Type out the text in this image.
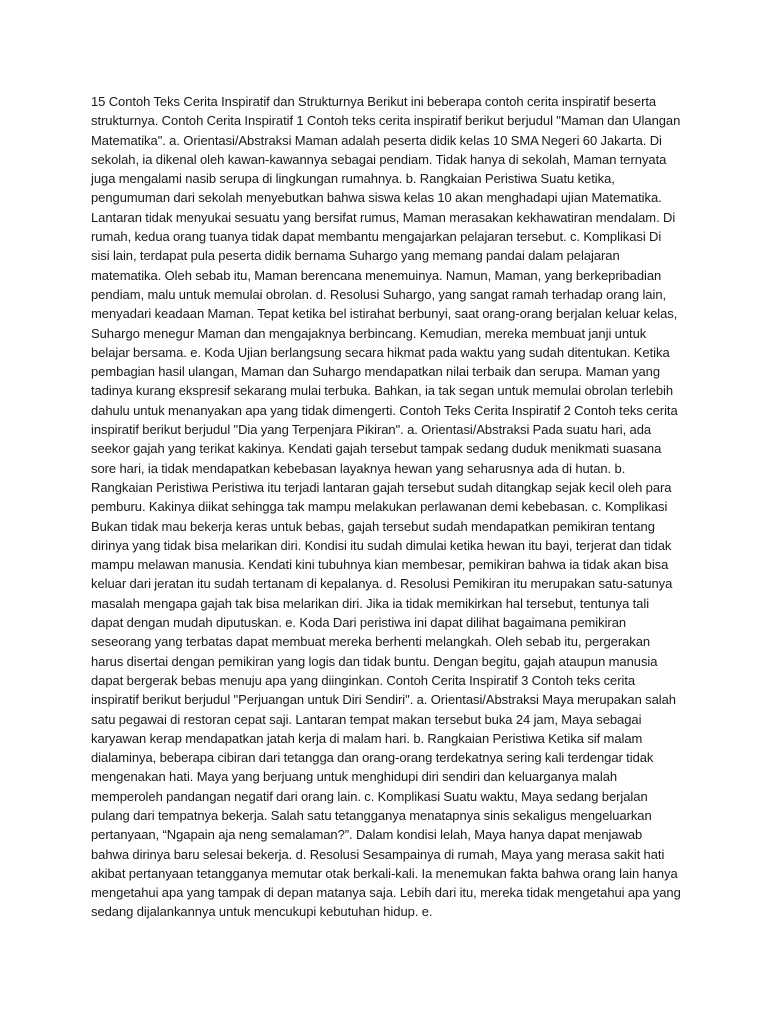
15 Contoh Teks Cerita Inspiratif dan Strukturnya Berikut ini beberapa contoh cerita inspiratif beserta strukturnya. Contoh Cerita Inspiratif 1 Contoh teks cerita inspiratif berikut berjudul "Maman dan Ulangan Matematika". a. Orientasi/Abstraksi Maman adalah peserta didik kelas 10 SMA Negeri 60 Jakarta. Di sekolah, ia dikenal oleh kawan-kawannya sebagai pendiam. Tidak hanya di sekolah, Maman ternyata juga mengalami nasib serupa di lingkungan rumahnya. b. Rangkaian Peristiwa Suatu ketika, pengumuman dari sekolah menyebutkan bahwa siswa kelas 10 akan menghadapi ujian Matematika. Lantaran tidak menyukai sesuatu yang bersifat rumus, Maman merasakan kekhawatiran mendalam. Di rumah, kedua orang tuanya tidak dapat membantu mengajarkan pelajaran tersebut. c. Komplikasi Di sisi lain, terdapat pula peserta didik bernama Suhargo yang memang pandai dalam pelajaran matematika. Oleh sebab itu, Maman berencana menemuinya. Namun, Maman, yang berkepribadian pendiam, malu untuk memulai obrolan. d. Resolusi Suhargo, yang sangat ramah terhadap orang lain, menyadari keadaan Maman. Tepat ketika bel istirahat berbunyi, saat orang-orang berjalan keluar kelas, Suhargo menegur Maman dan mengajaknya berbincang. Kemudian, mereka membuat janji untuk belajar bersama. e. Koda Ujian berlangsung secara hikmat pada waktu yang sudah ditentukan. Ketika pembagian hasil ulangan, Maman dan Suhargo mendapatkan nilai terbaik dan serupa. Maman yang tadinya kurang ekspresif sekarang mulai terbuka. Bahkan, ia tak segan untuk memulai obrolan terlebih dahulu untuk menanyakan apa yang tidak dimengerti. Contoh Teks Cerita Inspiratif 2 Contoh teks cerita inspiratif berikut berjudul "Dia yang Terpenjara Pikiran". a. Orientasi/Abstraksi Pada suatu hari, ada seekor gajah yang terikat kakinya. Kendati gajah tersebut tampak sedang duduk menikmati suasana sore hari, ia tidak mendapatkan kebebasan layaknya hewan yang seharusnya ada di hutan. b. Rangkaian Peristiwa Peristiwa itu terjadi lantaran gajah tersebut sudah ditangkap sejak kecil oleh para pemburu. Kakinya diikat sehingga tak mampu melakukan perlawanan demi kebebasan. c. Komplikasi Bukan tidak mau bekerja keras untuk bebas, gajah tersebut sudah mendapatkan pemikiran tentang dirinya yang tidak bisa melarikan diri. Kondisi itu sudah dimulai ketika hewan itu bayi, terjerat dan tidak mampu melawan manusia. Kendati kini tubuhnya kian membesar, pemikiran bahwa ia tidak akan bisa keluar dari jeratan itu sudah tertanam di kepalanya. d. Resolusi Pemikiran itu merupakan satu-satunya masalah mengapa gajah tak bisa melarikan diri. Jika ia tidak memikirkan hal tersebut, tentunya tali dapat dengan mudah diputuskan. e. Koda Dari peristiwa ini dapat dilihat bagaimana pemikiran seseorang yang terbatas dapat membuat mereka berhenti melangkah. Oleh sebab itu, pergerakan harus disertai dengan pemikiran yang logis dan tidak buntu. Dengan begitu, gajah ataupun manusia dapat bergerak bebas menuju apa yang diinginkan. Contoh Cerita Inspiratif 3 Contoh teks cerita inspiratif berikut berjudul "Perjuangan untuk Diri Sendiri". a. Orientasi/Abstraksi Maya merupakan salah satu pegawai di restoran cepat saji. Lantaran tempat makan tersebut buka 24 jam, Maya sebagai karyawan kerap mendapatkan jatah kerja di malam hari. b. Rangkaian Peristiwa Ketika sif malam dialaminya, beberapa cibiran dari tetangga dan orang-orang terdekatnya sering kali terdengar tidak mengenakan hati. Maya yang berjuang untuk menghidupi diri sendiri dan keluarganya malah memperoleh pandangan negatif dari orang lain. c. Komplikasi Suatu waktu, Maya sedang berjalan pulang dari tempatnya bekerja. Salah satu tetangganya menatapnya sinis sekaligus mengeluarkan pertanyaan, “Ngapain aja neng semalaman?”. Dalam kondisi lelah, Maya hanya dapat menjawab bahwa dirinya baru selesai bekerja. d. Resolusi Sesampainya di rumah, Maya yang merasa sakit hati akibat pertanyaan tetangganya memutar otak berkali-kali. Ia menemukan fakta bahwa orang lain hanya mengetahui apa yang tampak di depan matanya saja. Lebih dari itu, mereka tidak mengetahui apa yang sedang dijalankannya untuk mencukupi kebutuhan hidup. e.
